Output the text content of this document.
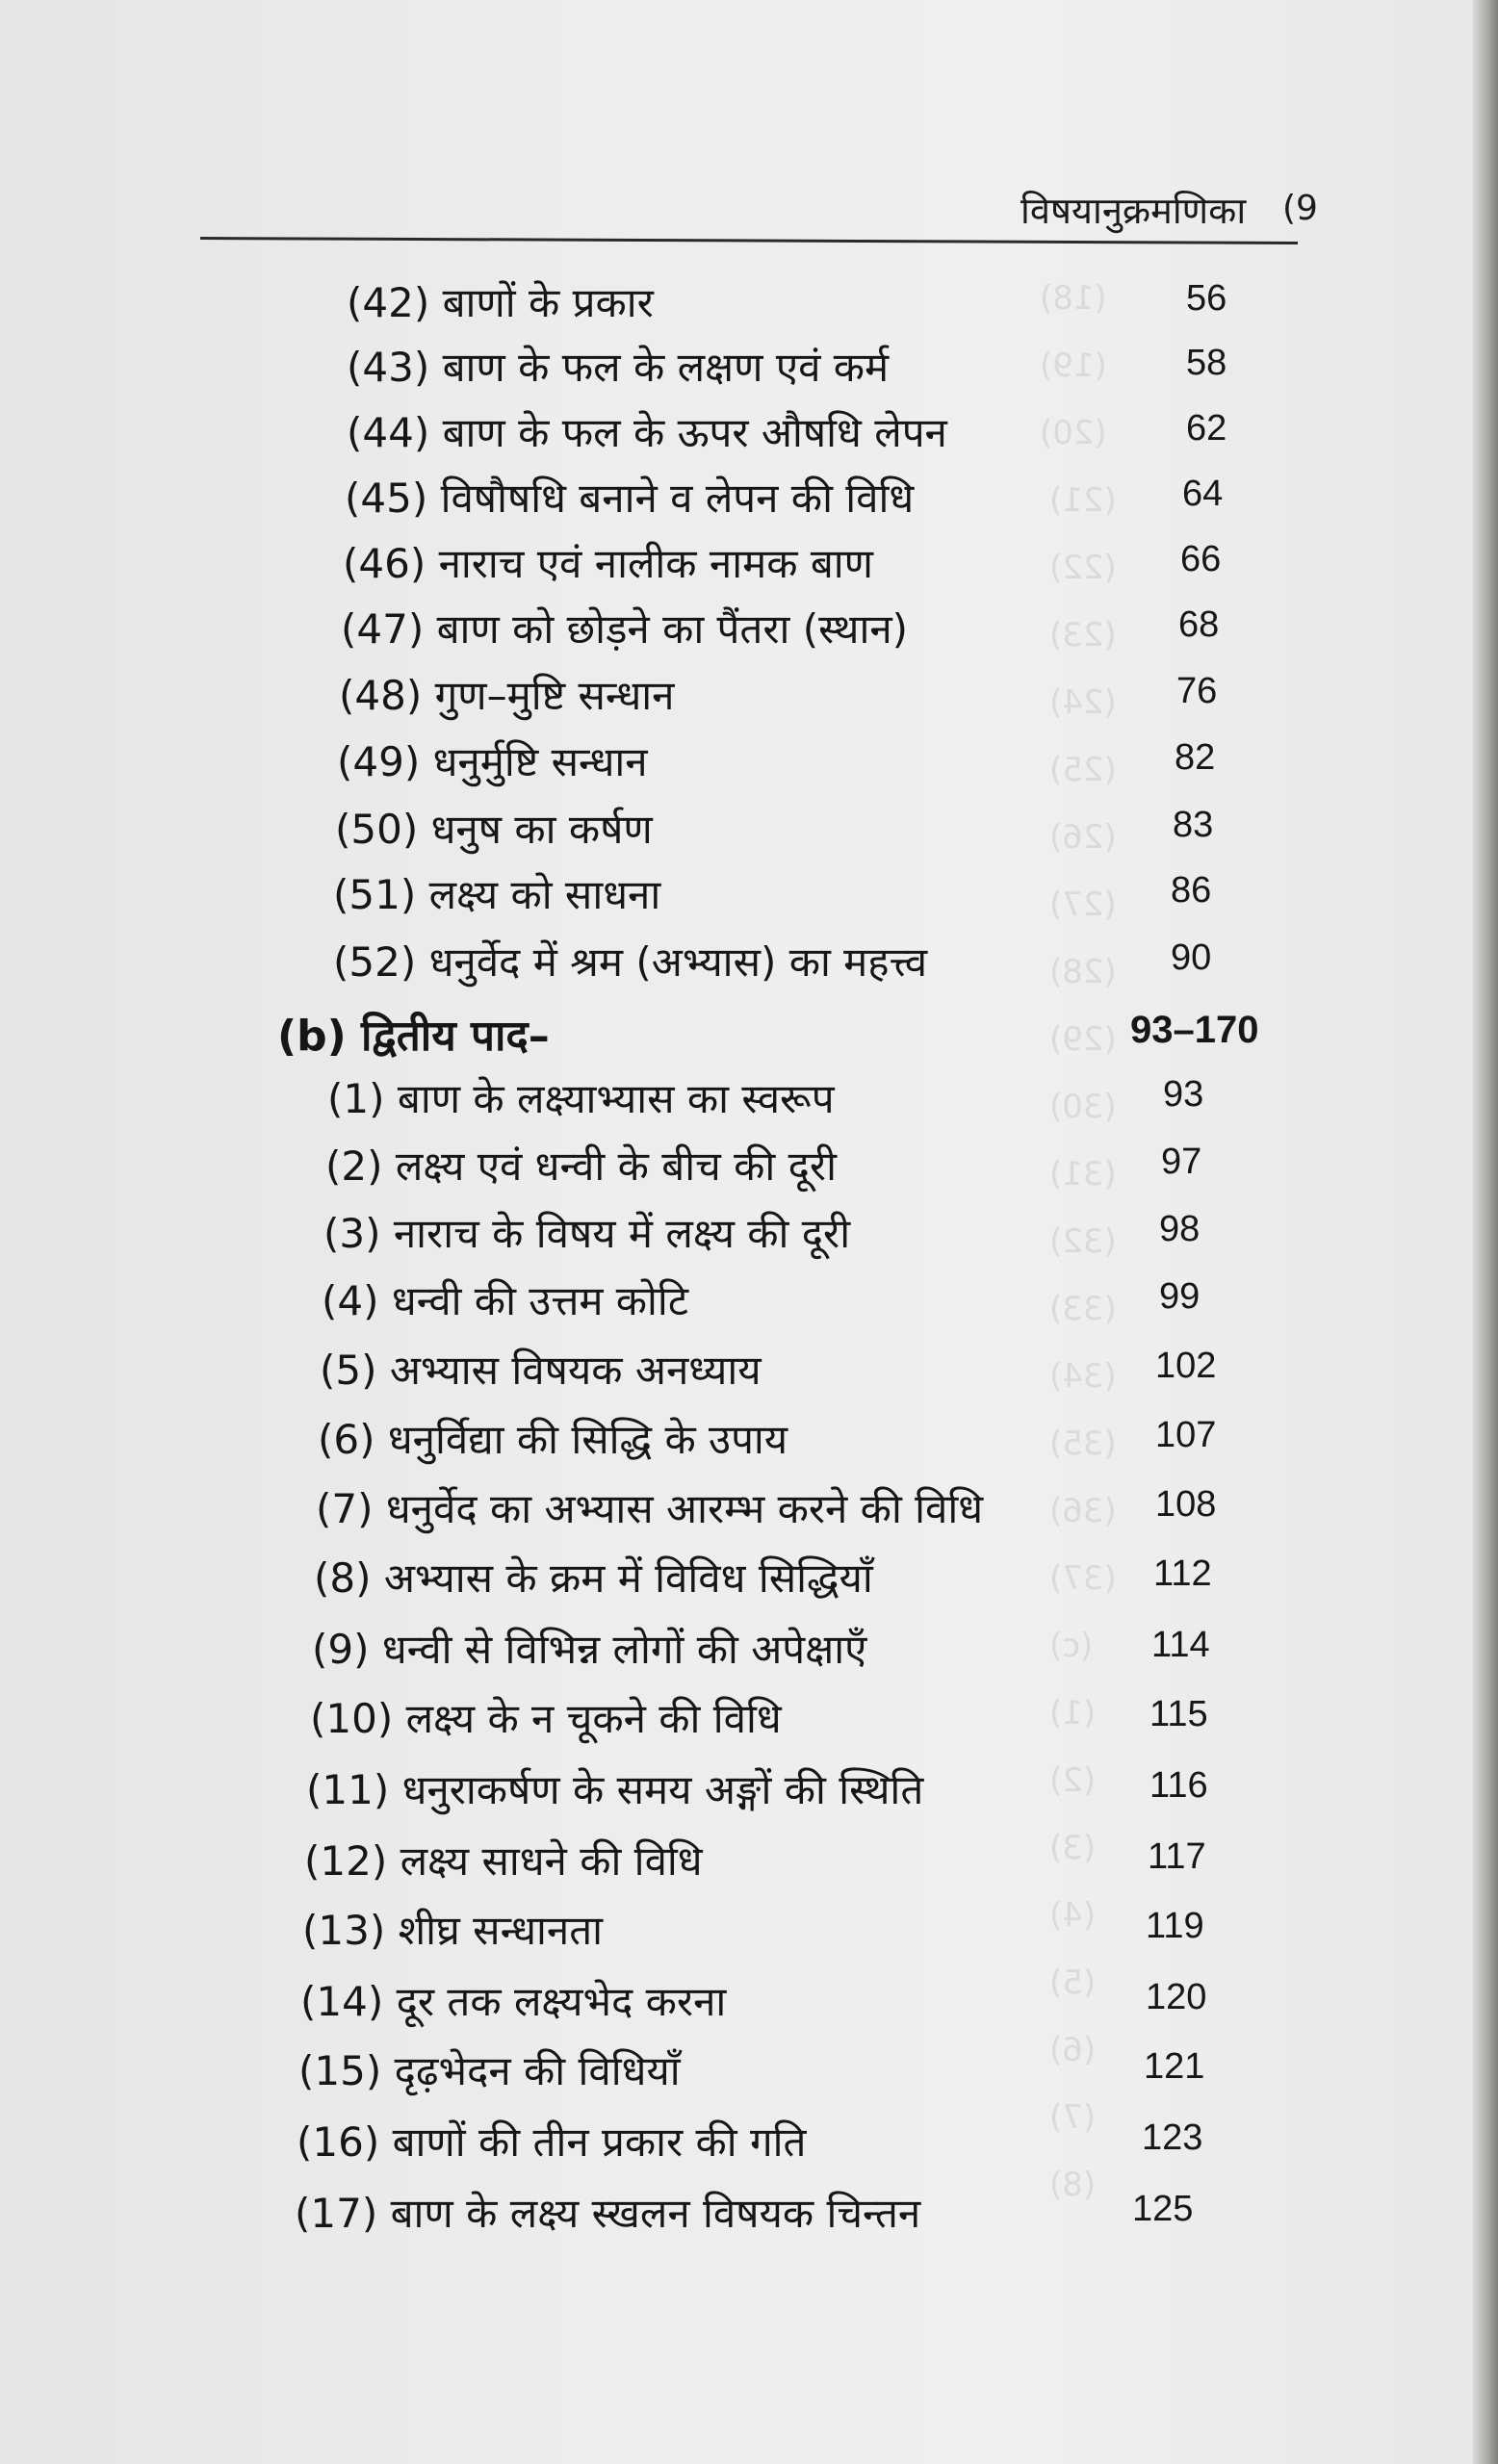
(18)
(19)
(20)
(21)
(22)
(23)
(24)
(25)
(26)
(27)
(28)
(29)
(30)
(31)
(32)
(33)
(34)
(35)
(36)
(37)
(c)
(1)
(2)
(3)
(4)
(5)
(6)
(7)
(8)
विषयानुक्रमणिका (9
(42) बाणों के प्रकार	56
(43) बाण के फल के लक्षण एवं कर्म	58
(44) बाण के फल के ऊपर औषधि लेपन	62
(45) विषौषधि बनाने व लेपन की विधि	64
(46) नाराच एवं नालीक नामक बाण	66
(47) बाण को छोड़ने का पैंतरा (स्थान)	68
(48) गुण–मुष्टि सन्धान	76
(49) धनुर्मुष्टि सन्धान	82
(50) धनुष का कर्षण	83
(51) लक्ष्य को साधना	86
(52) धनुर्वेद में श्रम (अभ्यास) का महत्त्व	90
(b) द्वितीय पाद–	93–170
(1) बाण के लक्ष्याभ्यास का स्वरूप	93
(2) लक्ष्य एवं धन्वी के बीच की दूरी	97
(3) नाराच के विषय में लक्ष्य की दूरी	98
(4) धन्वी की उत्तम कोटि	99
(5) अभ्यास विषयक अनध्याय	102
(6) धनुर्विद्या की सिद्धि के उपाय	107
(7) धनुर्वेद का अभ्यास आरम्भ करने की विधि	108
(8) अभ्यास के क्रम में विविध सिद्धियाँ	112
(9) धन्वी से विभिन्न लोगों की अपेक्षाएँ	114
(10) लक्ष्य के न चूकने की विधि	115
(11) धनुराकर्षण के समय अङ्गों की स्थिति	116
(12) लक्ष्य साधने की विधि	117
(13) शीघ्र सन्धानता	119
(14) दूर तक लक्ष्यभेद करना	120
(15) दृढ़भेदन की विधियाँ	121
(16) बाणों की तीन प्रकार की गति	123
(17) बाण के लक्ष्य स्खलन विषयक चिन्तन	125
